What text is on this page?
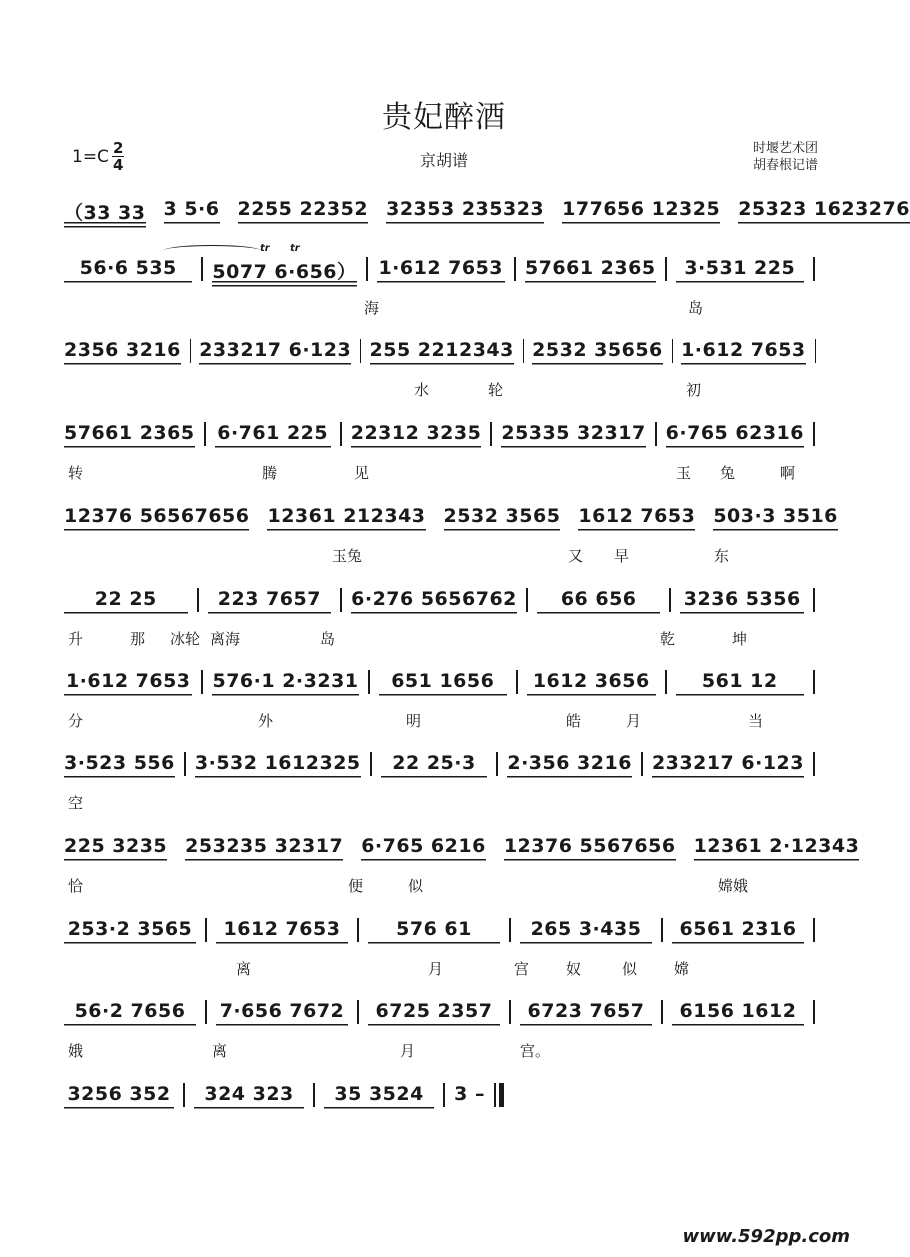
贵妃醉酒
$1=C \frac{2}{4}$	京胡谱
时堰艺术团
胡春根记谱
（33 33 3 5·6 2255 22352 32353 235323 177656 12325 25323 1623276
56·6 535	5077 6·656） 1·612 7653 57661 2365	3·531 225
海	岛
tr tr
2356 3216 233217 6·123 255 2212343 2532 35656 1·612 7653
水	轮	初
57661 2365 6·761 225 22312 3235 25335 32317 6·765 62316
转	腾	见	玉 兔	啊
12376 56567656 12361 212343 2532 3565 1612 7653 503·3 3516
玉兔	又 早	东
22 25	223 7657	6·276 5656762	66 656	3236 5356
升	那 冰轮 离海	岛	乾	坤
1·612 7653 576·1 2·3231	651 1656	1612 3656	561 12
分	外	明	皓	月	当
3·523 556 3·532 1612325	22 25·3	2·356 3216 233217 6·123
空
225 3235 253235 32317 6·765 6216 12376 5567656 12361 2·12343
恰	便	似	嫦娥
253·2 3565	1612 7653	576 61	265 3·435	6561 2316
离	月	宫 奴	似 嫦
56·2 7656	7·656 7672	6725 2357	6723 7657	6156 1612
娥	离	月	宫。
3256 352	324 323	35 3524	3 –
www.592pp.com
